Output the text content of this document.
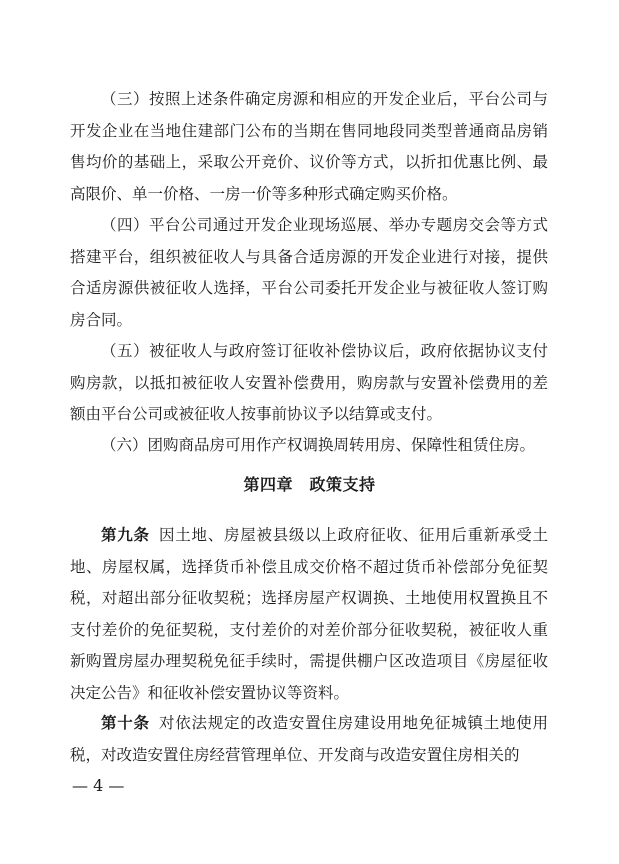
（三）按照上述条件确定房源和相应的开发企业后，平台公司与开发企业在当地住建部门公布的当期在售同地段同类型普通商品房销售均价的基础上，采取公开竞价、议价等方式，以折扣优惠比例、最高限价、单一价格、一房一价等多种形式确定购买价格。

（四）平台公司通过开发企业现场巡展、举办专题房交会等方式搭建平台，组织被征收人与具备合适房源的开发企业进行对接，提供合适房源供被征收人选择，平台公司委托开发企业与被征收人签订购房合同。

（五）被征收人与政府签订征收补偿协议后，政府依据协议支付购房款，以抵扣被征收人安置补偿费用，购房款与安置补偿费用的差额由平台公司或被征收人按事前协议予以结算或支付。

（六）团购商品房可用作产权调换周转用房、保障性租赁住房。

第四章　政策支持

第九条 因土地、房屋被县级以上政府征收、征用后重新承受土地、房屋权属，选择货币补偿且成交价格不超过货币补偿部分免征契税，对超出部分征收契税；选择房屋产权调换、土地使用权置换且不支付差价的免征契税，支付差价的对差价部分征收契税，被征收人重新购置房屋办理契税免征手续时，需提供棚户区改造项目《房屋征收决定公告》和征收补偿安置协议等资料。

第十条 对依法规定的改造安置住房建设用地免征城镇土地使用税，对改造安置住房经营管理单位、开发商与改造安置住房相关的

— 4 —
